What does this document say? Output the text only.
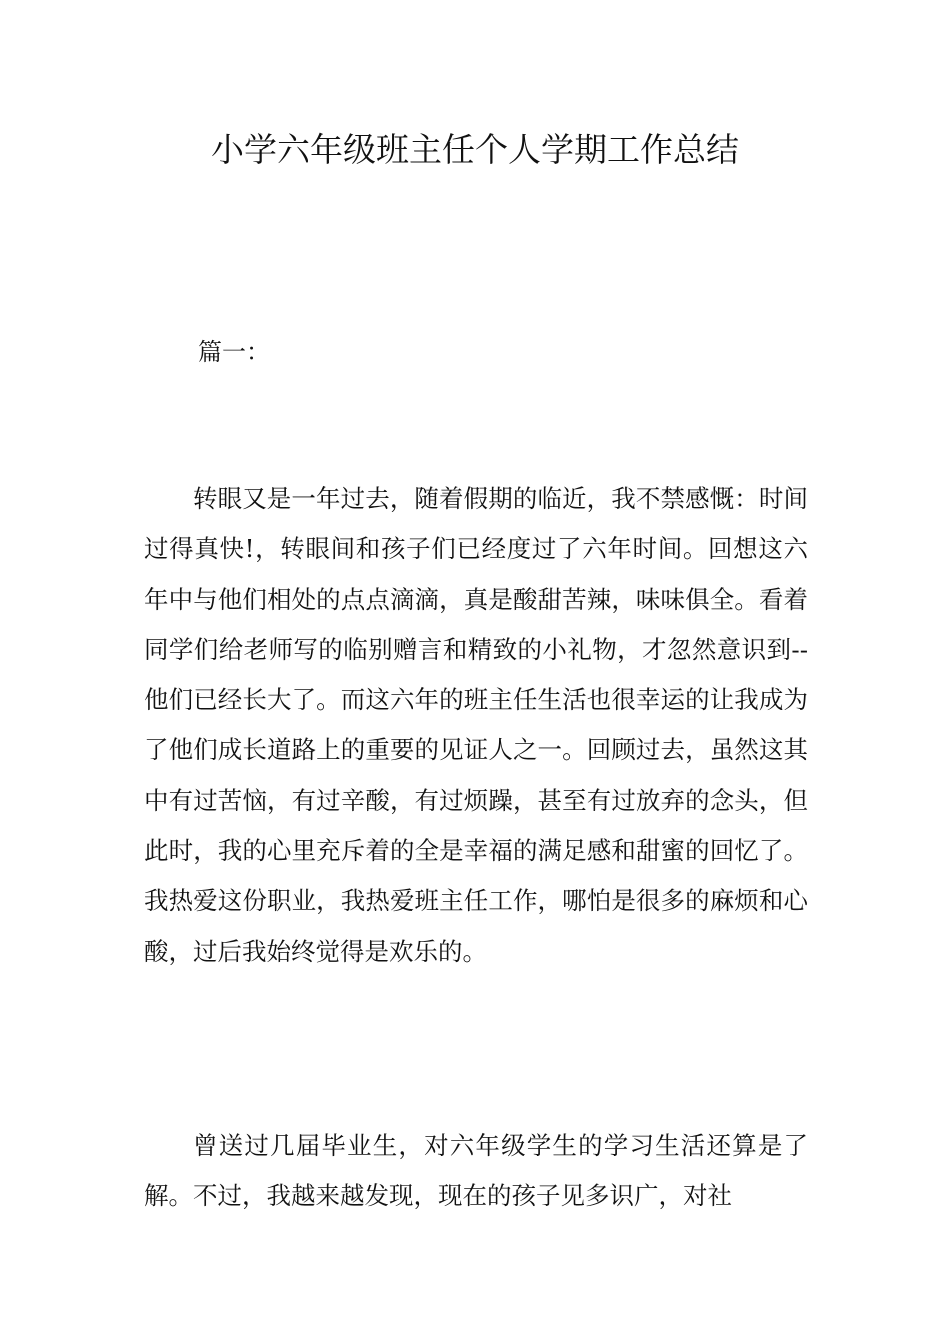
小学六年级班主任个人学期工作总结

篇一：

转眼又是一年过去，随着假期的临近，我不禁感慨：时间过得真快!，转眼间和孩子们已经度过了六年时间。回想这六年中与他们相处的点点滴滴，真是酸甜苦辣，味味俱全。看着同学们给老师写的临别赠言和精致的小礼物，才忽然意识到--他们已经长大了。而这六年的班主任生活也很幸运的让我成为了他们成长道路上的重要的见证人之一。回顾过去，虽然这其中有过苦恼，有过辛酸，有过烦躁，甚至有过放弃的念头，但此时，我的心里充斥着的全是幸福的满足感和甜蜜的回忆了。我热爱这份职业，我热爱班主任工作，哪怕是很多的麻烦和心酸，过后我始终觉得是欢乐的。

曾送过几届毕业生，对六年级学生的学习生活还算是了解。不过，我越来越发现，现在的孩子见多识广，对社
